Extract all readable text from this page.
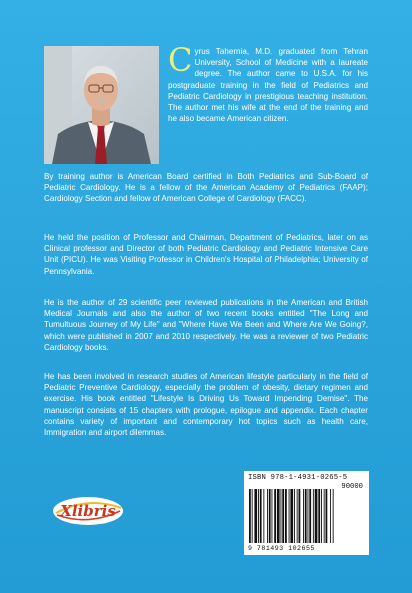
Cyrus Tahernia, M.D. graduated from Tehran University, School of Medicine with a laureate degree. The author came to U.S.A. for his postgraduate training in the field of Pediatrics and Pediatric Cardiology in prestigious teaching institution. The author met his wife at the end of the training and he also became American citizen.

By training author is American Board certified in Both Pediatrics and Sub-Board of Pediatric Cardiology. He is a fellow of the American Academy of Pediatrics (FAAP); Cardiology Section and fellow of American College of Cardiology (FACC).

He held the position of Professor and Chairman, Department of Pediatrics, later on as Clinical professor and Director of both Pediatric Cardiology and Pediatric Intensive Care Unit (PICU). He was Visiting Professor in Children's Hospital of Philadelphia; University of Pennsylvania.

He is the author of 29 scientific peer reviewed publications in the American and British Medical Journals and also the author of two recent books entitled "The Long and Tumultuous Journey of My Life" and "Where Have We Been and Where Are We Going?, which were published in 2007 and 2010 respectively. He was a reviewer of two Pediatric Cardiology books.

He has been involved in research studies of American lifestyle particularly in the field of Pediatric Preventive Cardiology, especially the problem of obesity, dietary regimen and exercise. His book entitled "Lifestyle Is Driving Us Toward Impending Demise". The manuscript consists of 15 chapters with prologue, epilogue and appendix. Each chapter contains variety of important and contemporary hot topics such as health care, Immigration and airport dilemmas.

Xlibris
ISBN 978-1-4931-0265-5
90000
9 781493 102655
